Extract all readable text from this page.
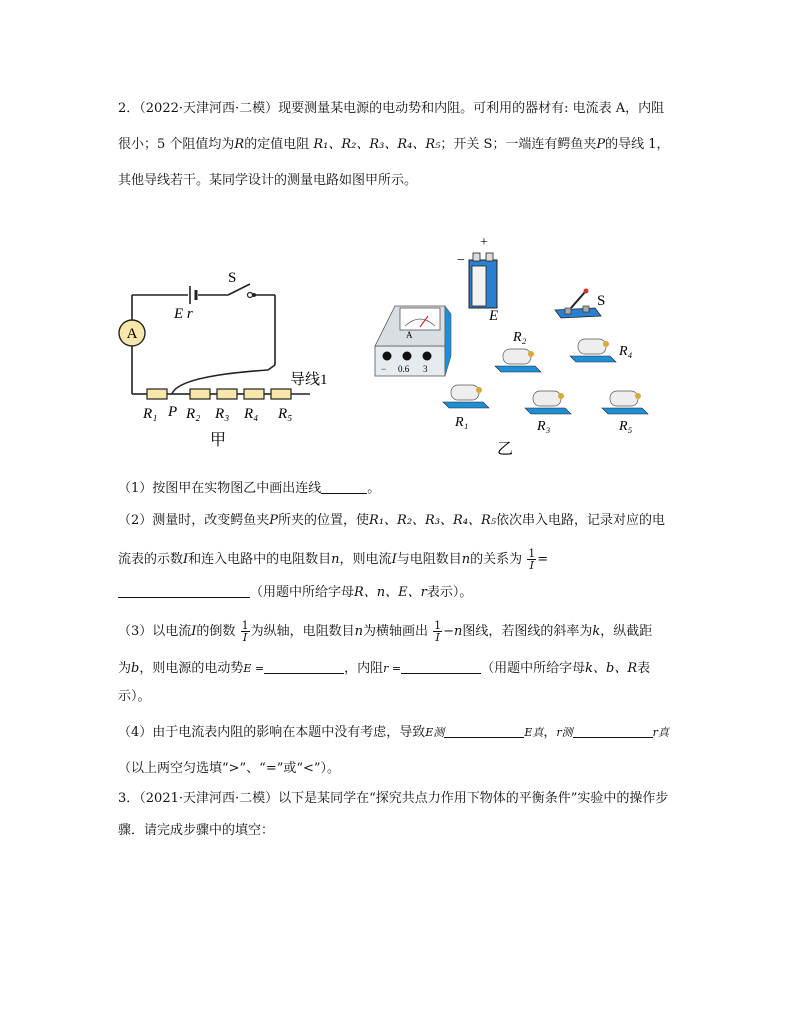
2．（2022·天津河西·二模）现要测量某电源的电动势和内阻。可利用的器材有: 电流表 A，内阻
很小；5 个阻值均为R的定值电阻 R₁、R₂、R₃、R₄、R₅；开关 S；一端连有鳄鱼夹P的导线 1，
其他导线若干。某同学设计的测量电路如图甲所示。
A
S
E r
导线1
R₁ P R₂ R₃ R₄ R₅
甲
+
−
E
A
− 0.6 3
S
R₂
R₄
R₁	R₃	R₅
乙
（1）按图甲在实物图乙中画出连线	。
（2）测量时，改变鳄鱼夹P所夹的位置，使R₁、R₂、R₃、R₄、R₅依次串入电路，记录对应的电
流表的示数I和连入电路中的电阻数目n，则电流I与电阻数目n的关系为 $\frac{1}{I}$ =
（用题中所给字母R、n、E、r表示）。
（3）以电流I的倒数 $\frac{1}{I}$ 为纵轴，电阻数目n为横轴画出 $\frac{1}{I} -n$图线，若图线的斜率为k，纵截距
为b，则电源的电动势E =	，内阻r =	（用题中所给字母k、b、R表
示）。
（4）由于电流表内阻的影响在本题中没有考虑，导致E测	E真，r测	r真
（以上两空匀选填“>”、“=”或“<”）。
3．（2021·天津河西·二模）以下是某同学在“探究共点力作用下物体的平衡条件”实验中的操作步
骤．请完成步骤中的填空：
